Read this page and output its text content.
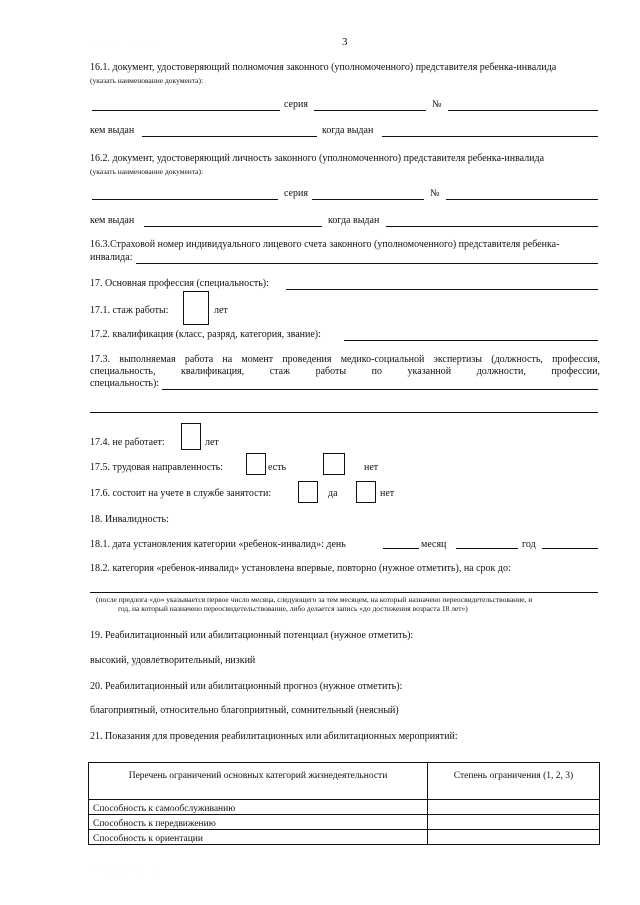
3
· · ˙ · · · ˙ ·
˙ · · · ˙ · ·
16.1. документ, удостоверяющий полномочия законного (уполномоченного) представителя ребенка-инвалида
(указать наименование документа):
серия	№
кем выдан	когда выдан
16.2. документ, удостоверяющий личность законного (уполномоченного) представителя ребенка-инвалида
(указать наименование документа):
серия	№
кем выдан	когда выдан
16.3.Страховой номер индивидуального лицевого счета законного (уполномоченного) представителя ребенка-
инвалида:
17. Основная профессия (специальность):
17.1. стаж работы:	лет
17.2. квалификация (класс, разряд, категория, звание):
17.3. выполняемая работа на момент проведения медико-социальной экспертизы (должность, профессия,
специальность, квалификация, стаж работы по указанной должности, профессии,
специальность):
17.4. не работает:	лет
17.5. трудовая направленность:	есть	нет
17.6. состоит на учете в службе занятости:	да	нет
18. Инвалидность:
18.1. дата установления категории «ребенок-инвалид»: день	месяц	год
18.2. категория «ребенок-инвалид» установлена впервые, повторно (нужное отметить), на срок до:
(после предлога «до» указывается первое число месяца, следующего за тем месяцем, на который назначено переосвидетельствование, и
год, на который назначено переосвидетельствование, либо делается запись «до достижения возраста 18 лет»)
19. Реабилитационный или абилитационный потенциал (нужное отметить):
высокий, удовлетворительный, низкий
20. Реабилитационный или абилитационный прогноз (нужное отметить):
благоприятный, относительно благоприятный, сомнительный (неясный)
21. Показания для проведения реабилитационных или абилитационных мероприятий:
Перечень ограничений основных категорий жизнедеятельности	Степень ограничения (1, 2, 3)
Способность к самообслуживанию	
Способность к передвижению	
Способность к ориентации	
